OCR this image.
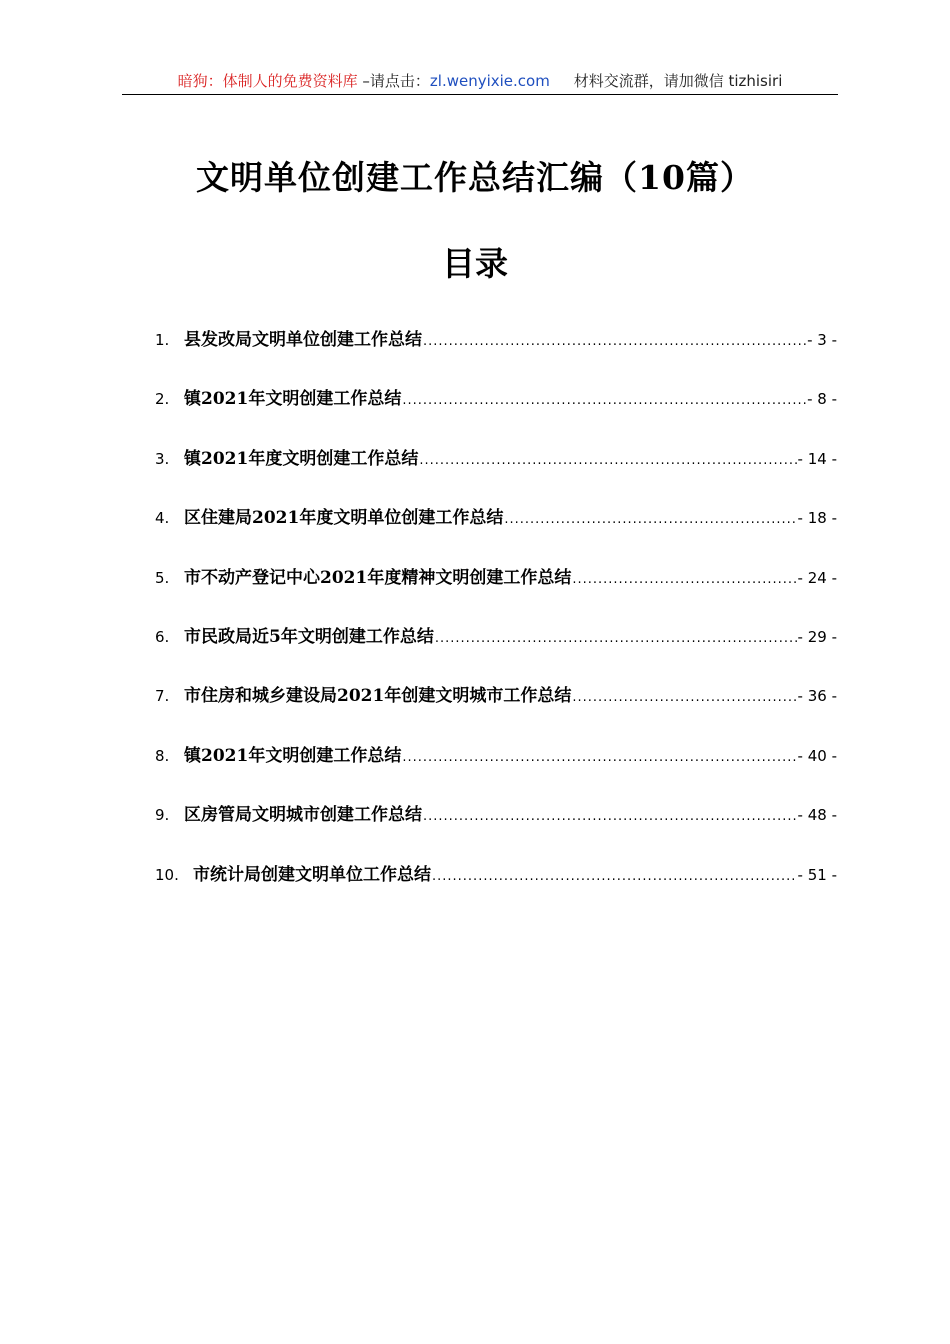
暗狗：体制人的免费资料库 –请点击：zl.wenyixie.com 材料交流群，请加微信 tizhisiri
文明单位创建工作总结汇编（10篇）
目录
1. 县发改局文明单位创建工作总结 .....	- 3 -
2. 镇2021年文明创建工作总结 .....	- 8 -
3. 镇2021年度文明创建工作总结 .....	- 14 -
4. 区住建局2021年度文明单位创建工作总结 .....	- 18 -
5. 市不动产登记中心2021年度精神文明创建工作总结 .....	- 24 -
6. 市民政局近5年文明创建工作总结 .....	- 29 -
7. 市住房和城乡建设局2021年创建文明城市工作总结 .....	- 36 -
8. 镇2021年文明创建工作总结 .....	- 40 -
9. 区房管局文明城市创建工作总结 .....	- 48 -
10. 市统计局创建文明单位工作总结 .....	- 51 -
